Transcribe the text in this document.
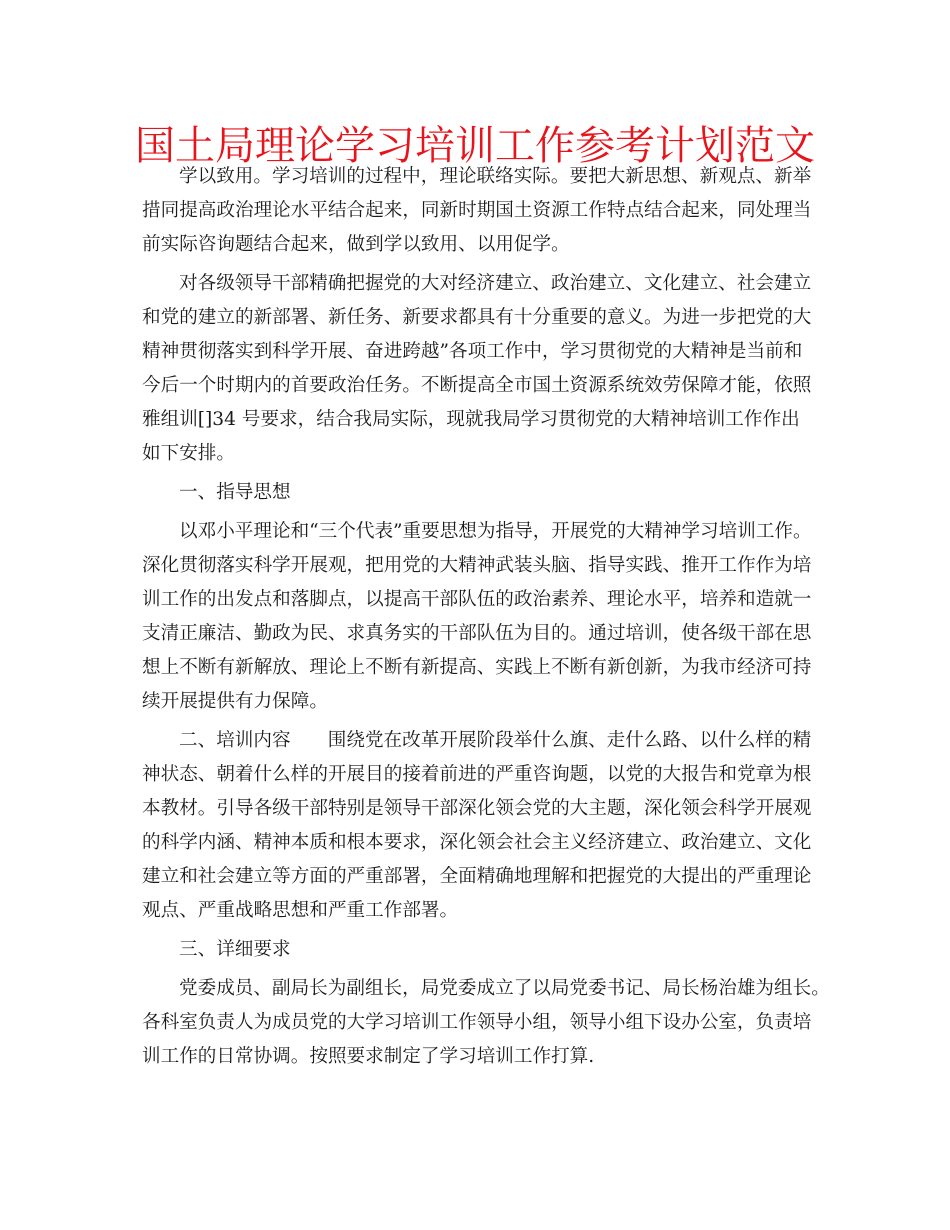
国土局理论学习培训工作参考计划范文
学以致用。学习培训的过程中，理论联络实际。要把大新思想、新观点、新举
措同提高政治理论水平结合起来，同新时期国土资源工作特点结合起来，同处理当
前实际咨询题结合起来，做到学以致用、以用促学。
对各级领导干部精确把握党的大对经济建立、政治建立、文化建立、社会建立
和党的建立的新部署、新任务、新要求都具有十分重要的意义。为进一步把党的大
精神贯彻落实到科学开展、奋进跨越”各项工作中，学习贯彻党的大精神是当前和
今后一个时期内的首要政治任务。不断提高全市国土资源系统效劳保障才能，依照
雅组训[]34 号要求，结合我局实际，现就我局学习贯彻党的大精神培训工作作出
如下安排。
一、指导思想
以邓小平理论和“三个代表”重要思想为指导，开展党的大精神学习培训工作。
深化贯彻落实科学开展观，把用党的大精神武装头脑、指导实践、推开工作作为培
训工作的出发点和落脚点，以提高干部队伍的政治素养、理论水平，培养和造就一
支清正廉洁、勤政为民、求真务实的干部队伍为目的。通过培训，使各级干部在思
想上不断有新解放、理论上不断有新提高、实践上不断有新创新，为我市经济可持
续开展提供有力保障。
二、培训内容　　围绕党在改革开展阶段举什么旗、走什么路、以什么样的精
神状态、朝着什么样的开展目的接着前进的严重咨询题，以党的大报告和党章为根
本教材。引导各级干部特别是领导干部深化领会党的大主题，深化领会科学开展观
的科学内涵、精神本质和根本要求，深化领会社会主义经济建立、政治建立、文化
建立和社会建立等方面的严重部署，全面精确地理解和把握党的大提出的严重理论
观点、严重战略思想和严重工作部署。
三、详细要求
党委成员、副局长为副组长，局党委成立了以局党委书记、局长杨治雄为组长。
各科室负责人为成员党的大学习培训工作领导小组，领导小组下设办公室，负责培
训工作的日常协调。按照要求制定了学习培训工作打算.
